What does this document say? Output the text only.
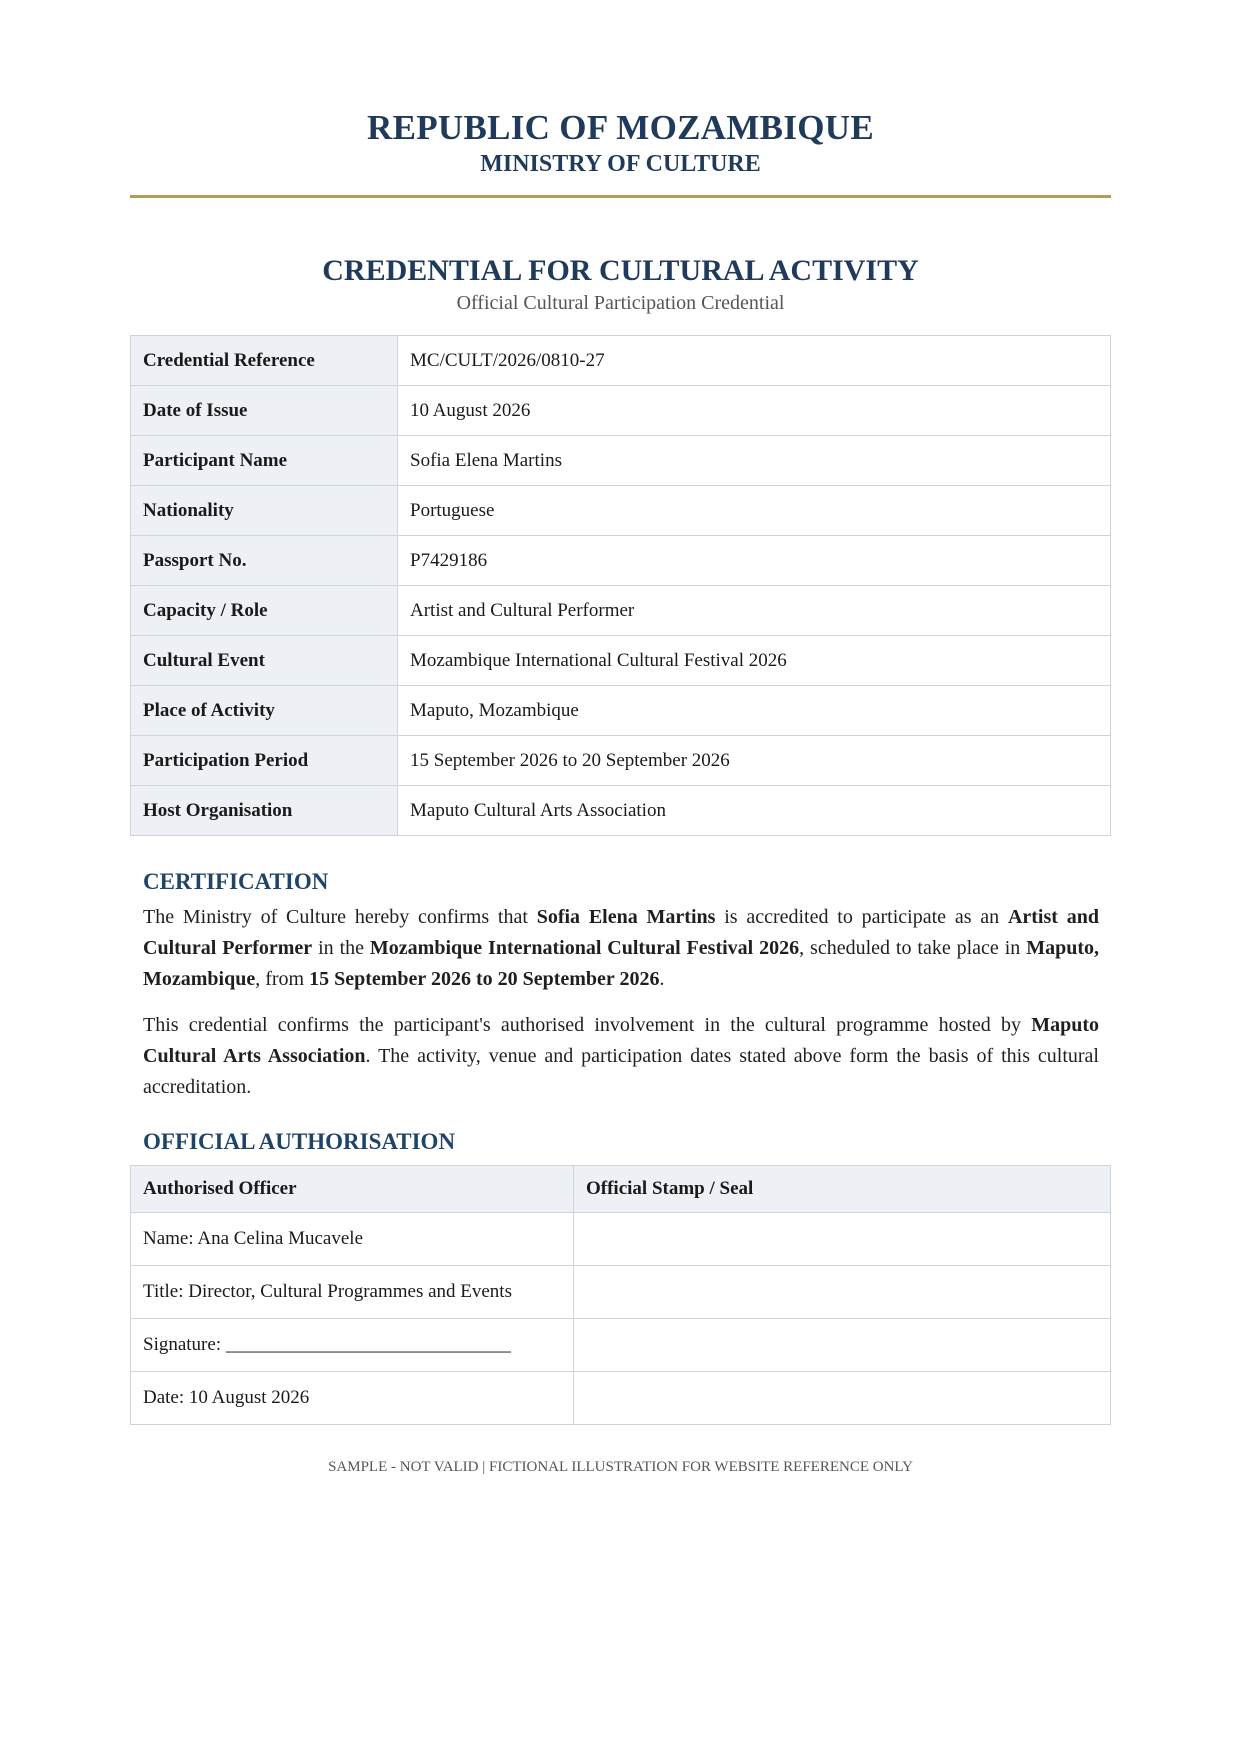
REPUBLIC OF MOZAMBIQUE
MINISTRY OF CULTURE
CREDENTIAL FOR CULTURAL ACTIVITY
Official Cultural Participation Credential
Credential Reference	MC/CULT/2026/0810-27
Date of Issue	10 August 2026
Participant Name	Sofia Elena Martins
Nationality	Portuguese
Passport No.	P7429186
Capacity / Role	Artist and Cultural Performer
Cultural Event	Mozambique International Cultural Festival 2026
Place of Activity	Maputo, Mozambique
Participation Period	15 September 2026 to 20 September 2026
Host Organisation	Maputo Cultural Arts Association
CERTIFICATION
The Ministry of Culture hereby confirms that Sofia Elena Martins is accredited to participate as an Artist and Cultural Performer in the Mozambique International Cultural Festival 2026, scheduled to take place in Maputo, Mozambique, from 15 September 2026 to 20 September 2026.
This credential confirms the participant's authorised involvement in the cultural programme hosted by Maputo Cultural Arts Association. The activity, venue and participation dates stated above form the basis of this cultural accreditation.
OFFICIAL AUTHORISATION
Authorised Officer	Official Stamp / Seal
Name: Ana Celina Mucavele	
Title: Director, Cultural Programmes and Events	
Signature: ______________________________	
Date: 10 August 2026	
SAMPLE - NOT VALID | FICTIONAL ILLUSTRATION FOR WEBSITE REFERENCE ONLY
